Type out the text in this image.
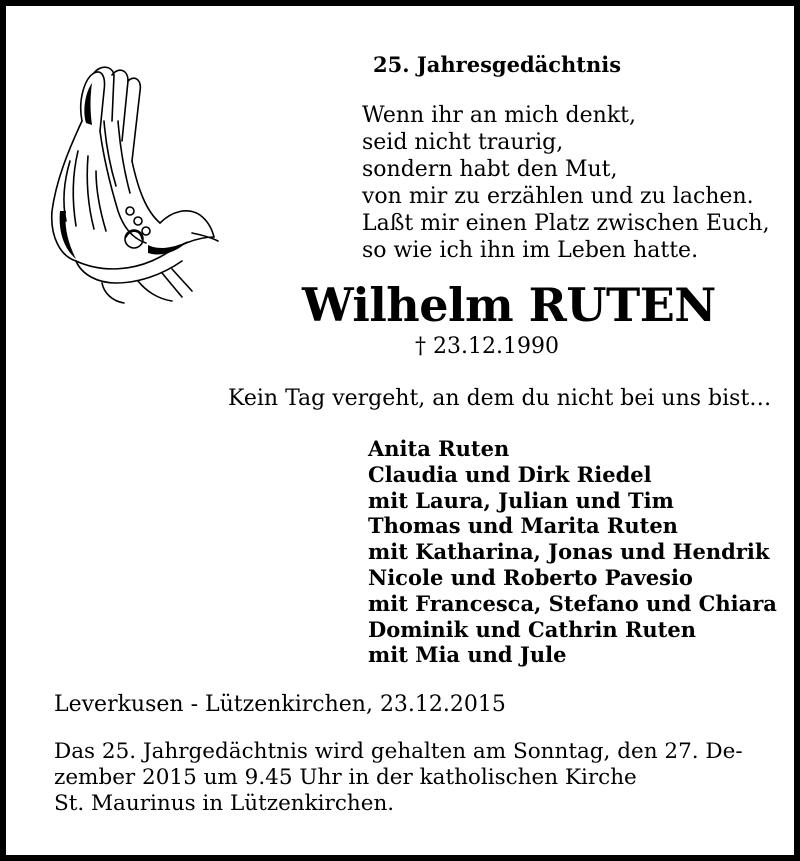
25. Jahresgedächtnis
Wenn ihr an mich denkt,
seid nicht traurig,
sondern habt den Mut,
von mir zu erzählen und zu lachen.
Laßt mir einen Platz zwischen Euch,
so wie ich ihn im Leben hatte.
Wilhelm RUTEN
† 23.12.1990
Kein Tag vergeht, an dem du nicht bei uns bist…
Anita Ruten
Claudia und Dirk Riedel
mit Laura, Julian und Tim
Thomas und Marita Ruten
mit Katharina, Jonas und Hendrik
Nicole und Roberto Pavesio
mit Francesca, Stefano und Chiara
Dominik und Cathrin Ruten
mit Mia und Jule
Leverkusen - Lützenkirchen, 23.12.2015
Das 25. Jahrgedächtnis wird gehalten am Sonntag, den 27. De-
zember 2015 um 9.45 Uhr in der katholischen Kirche
St. Maurinus in Lützenkirchen.
